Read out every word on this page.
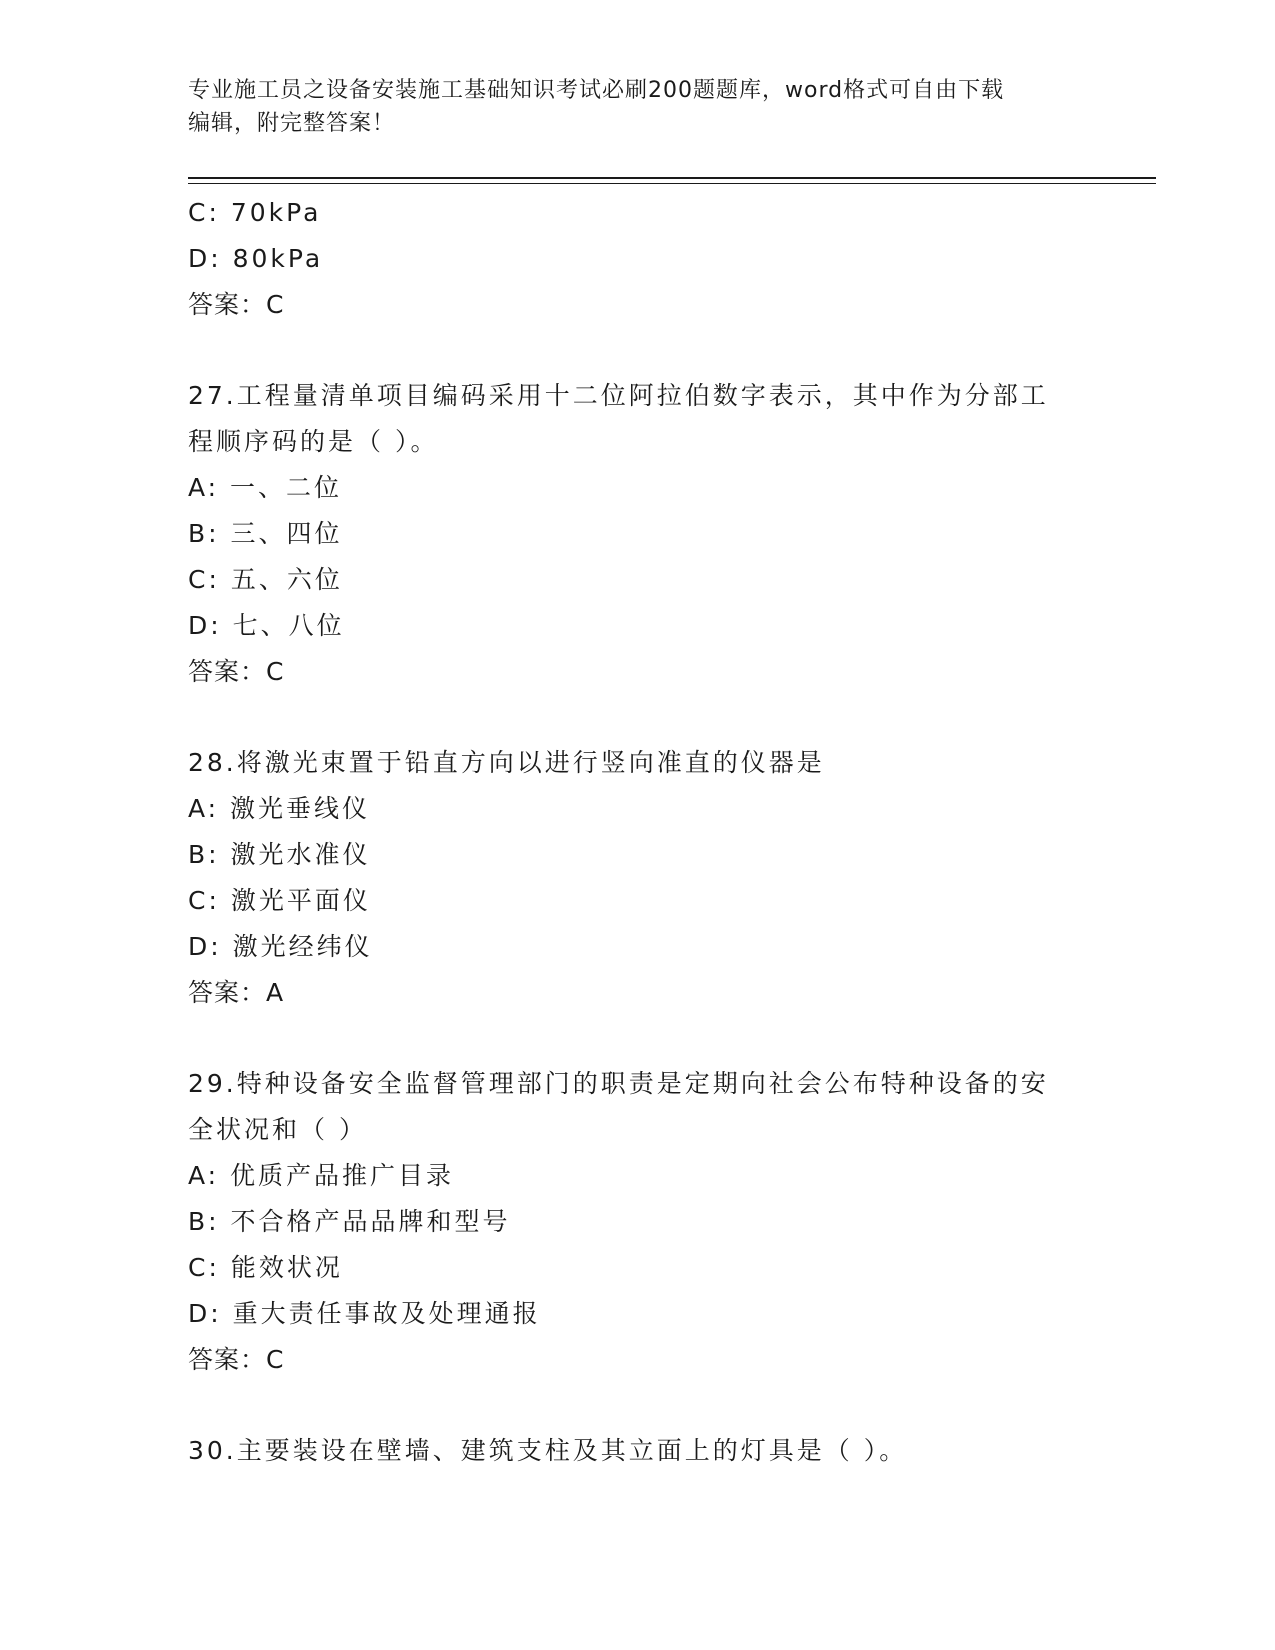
专业施工员之设备安装施工基础知识考试必刷200题题库，word格式可自由下载
编辑，附完整答案！
C: 70kPa
D: 80kPa
答案：C
27.工程量清单项目编码采用十二位阿拉伯数字表示，其中作为分部工
程顺序码的是（ ）。
A: 一、二位
B: 三、四位
C: 五、六位
D: 七、八位
答案：C
28.将激光束置于铅直方向以进行竖向准直的仪器是
A: 激光垂线仪
B: 激光水准仪
C: 激光平面仪
D: 激光经纬仪
答案：A
29.特种设备安全监督管理部门的职责是定期向社会公布特种设备的安
全状况和（ ）
A: 优质产品推广目录
B: 不合格产品品牌和型号
C: 能效状况
D: 重大责任事故及处理通报
答案：C
30.主要装设在壁墙、建筑支柱及其立面上的灯具是（ ）。
